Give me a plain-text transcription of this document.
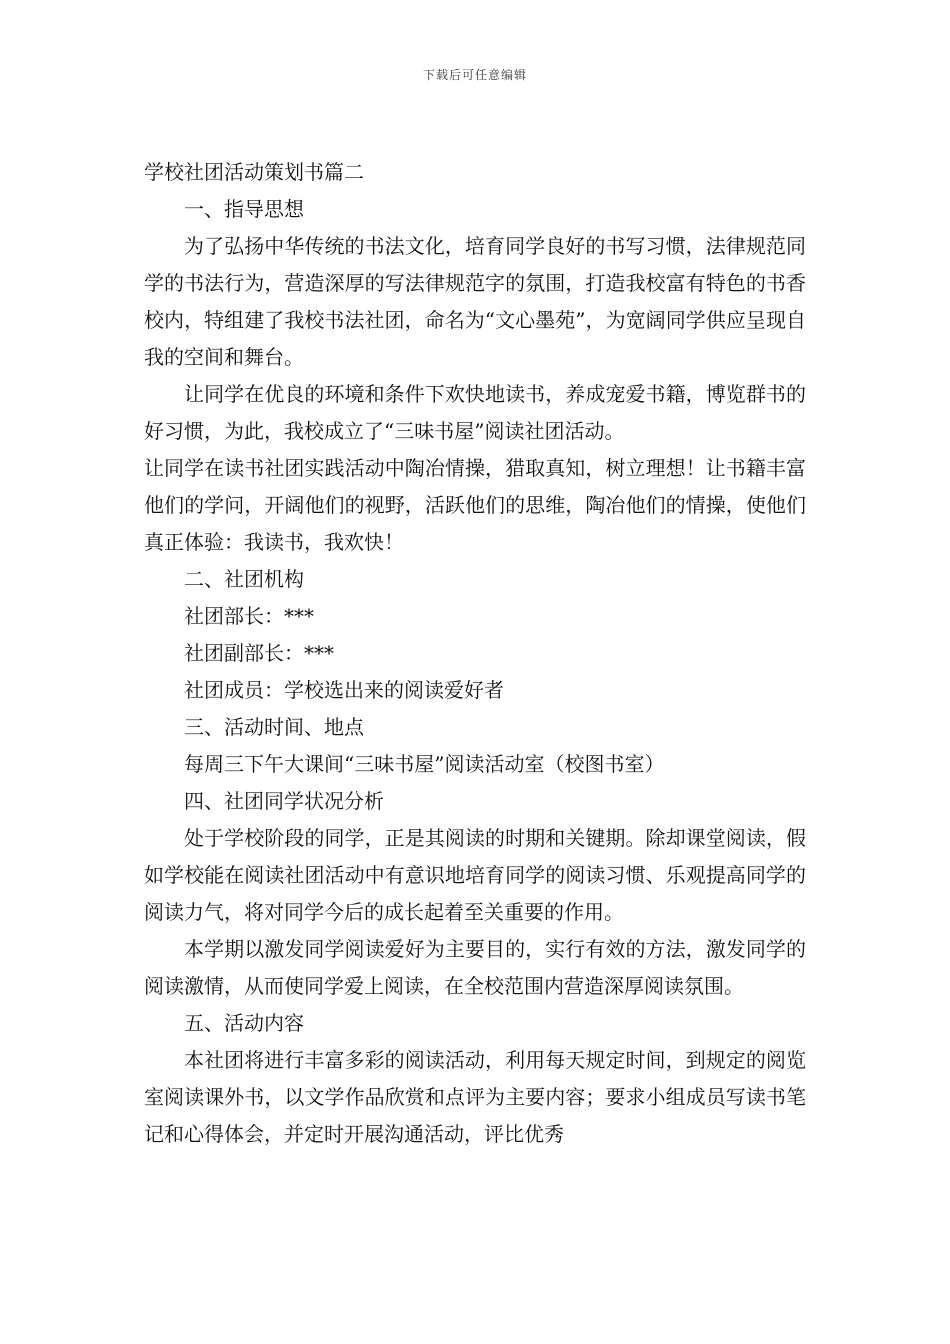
下载后可任意编辑

学校社团活动策划书篇二

一、指导思想

为了弘扬中华传统的书法文化，培育同学良好的书写习惯，法律规范同学的书法行为，营造深厚的写法律规范字的氛围，打造我校富有特色的书香校内，特组建了我校书法社团，命名为“文心墨苑”，为宽阔同学供应呈现自我的空间和舞台。

让同学在优良的环境和条件下欢快地读书，养成宠爱书籍，博览群书的好习惯，为此，我校成立了“三味书屋”阅读社团活动。

让同学在读书社团实践活动中陶冶情操，猎取真知，树立理想！让书籍丰富他们的学问，开阔他们的视野，活跃他们的思维，陶冶他们的情操，使他们真正体验：我读书，我欢快！

二、社团机构

社团部长：***

社团副部长：***

社团成员：学校选出来的阅读爱好者

三、活动时间、地点

每周三下午大课间“三味书屋”阅读活动室（校图书室）

四、社团同学状况分析

处于学校阶段的同学，正是其阅读的时期和关键期。除却课堂阅读，假如学校能在阅读社团活动中有意识地培育同学的阅读习惯、乐观提高同学的阅读力气，将对同学今后的成长起着至关重要的作用。

本学期以激发同学阅读爱好为主要目的，实行有效的方法，激发同学的阅读激情，从而使同学爱上阅读，在全校范围内营造深厚阅读氛围。

五、活动内容

本社团将进行丰富多彩的阅读活动，利用每天规定时间，到规定的阅览室阅读课外书，以文学作品欣赏和点评为主要内容；要求小组成员写读书笔记和心得体会，并定时开展沟通活动，评比优秀
